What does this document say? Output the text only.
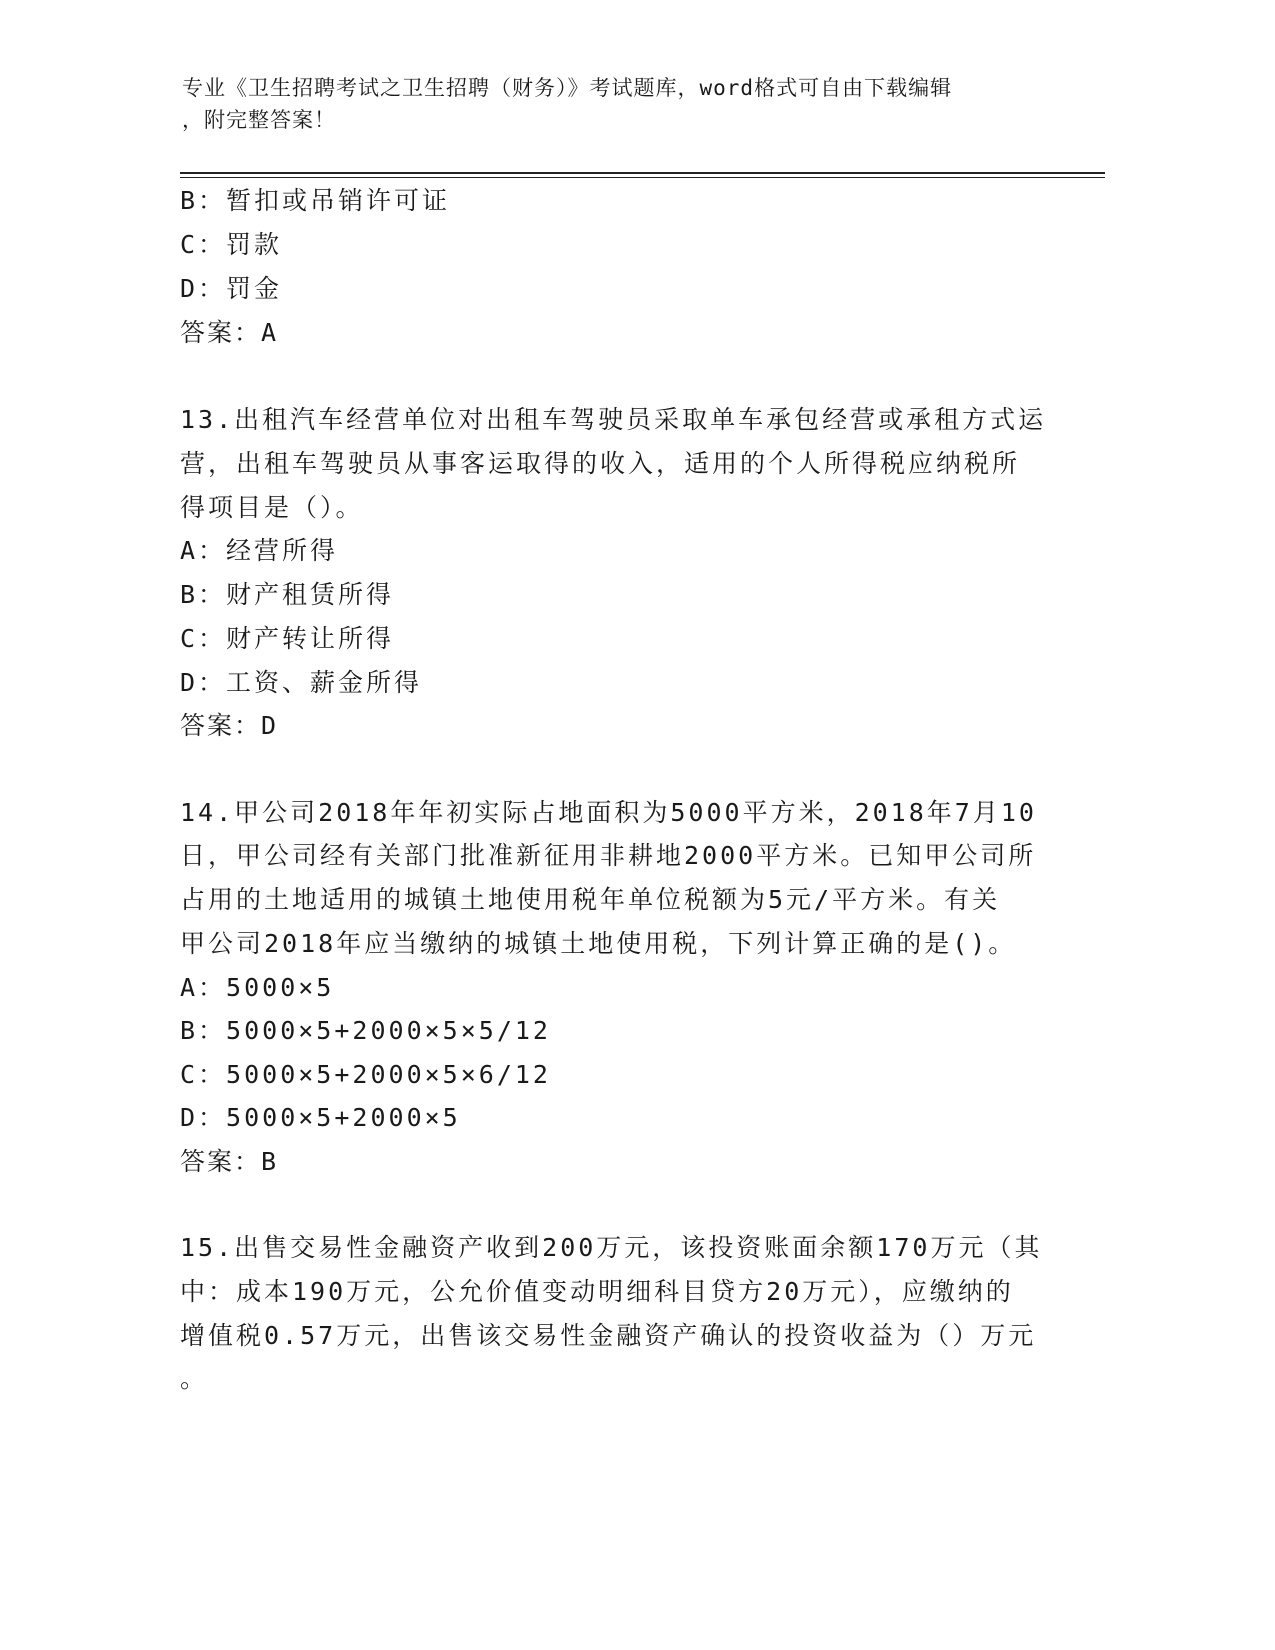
专业《卫生招聘考试之卫生招聘（财务）》考试题库，word格式可自由下载编辑
，附完整答案！
B：暂扣或吊销许可证
C：罚款
D：罚金
答案：A
13.出租汽车经营单位对出租车驾驶员采取单车承包经营或承租方式运
营，出租车驾驶员从事客运取得的收入，适用的个人所得税应纳税所
得项目是（）。
A：经营所得
B：财产租赁所得
C：财产转让所得
D：工资、薪金所得
答案：D
14.甲公司2018年年初实际占地面积为5000平方米，2018年7月10
日，甲公司经有关部门批准新征用非耕地2000平方米。已知甲公司所
占用的土地适用的城镇土地使用税年单位税额为5元/平方米。有关
甲公司2018年应当缴纳的城镇土地使用税，下列计算正确的是()。
A：5000×5
B：5000×5+2000×5×5/12
C：5000×5+2000×5×6/12
D：5000×5+2000×5
答案：B
15.出售交易性金融资产收到200万元，该投资账面余额170万元（其
中：成本190万元，公允价值变动明细科目贷方20万元），应缴纳的
增值税0.57万元，出售该交易性金融资产确认的投资收益为（）万元
。
